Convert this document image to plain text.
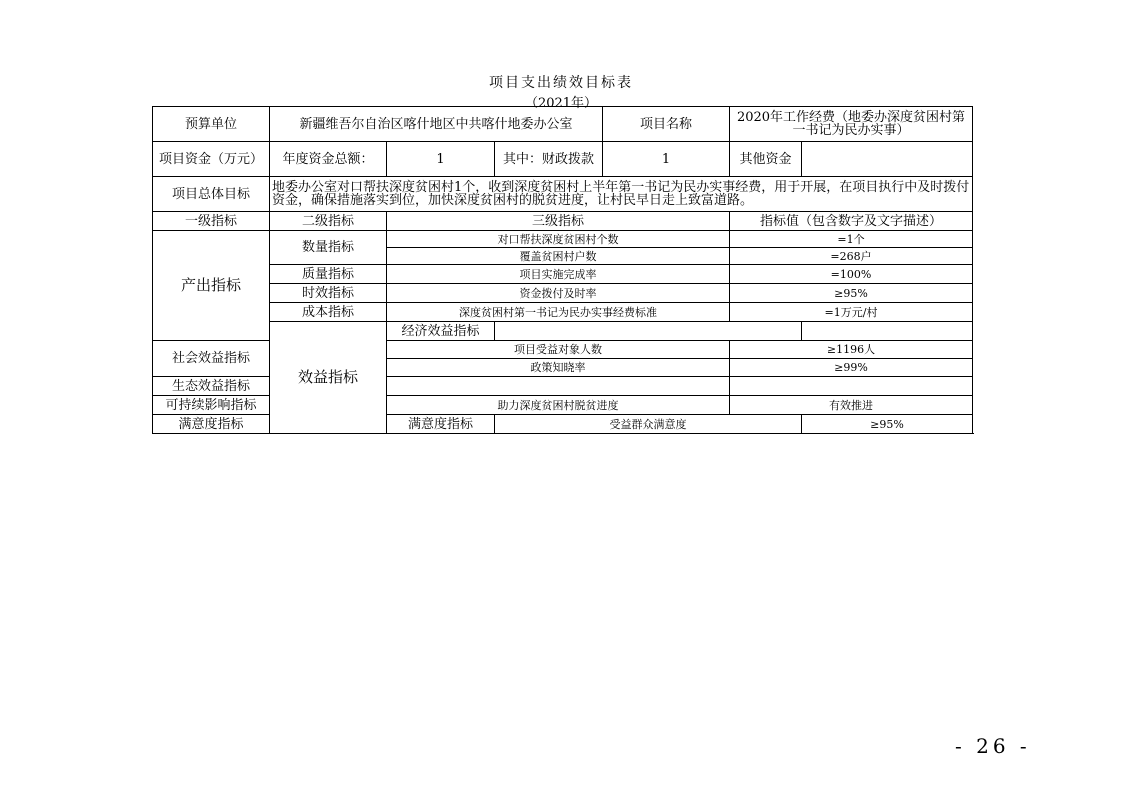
项目支出绩效目标表
（2021年）
预算单位	新疆维吾尔自治区喀什地区中共喀什地委办公室			项目名称	2020年工作经费（地委办深度贫困村第一书记为民办实事）	
项目资金（万元）	年度资金总额：	1	其中：财政拨款	1	其他资金	
项目总体目标	地委办公室对口帮扶深度贫困村1个，收到深度贫困村上半年第一书记为民办实事经费，用于开展，在项目执行中及时拨付资金，确保措施落实到位，加快深度贫困村的脱贫进度，让村民早日走上致富道路。					
一级指标	二级指标	三级指标			指标值（包含数字及文字描述）	
产出指标	数量指标	对口帮扶深度贫困村个数			=1个	
		覆盖贫困村户数			=268户	
	质量指标	项目实施完成率			=100%	
	时效指标	资金拨付及时率			≥95%	
	成本指标	深度贫困村第一书记为民办实事经费标准			=1万元/村	
	效益指标	经济效益指标				
社会效益指标		项目受益对象人数			≥1196人	
		政策知晓率			≥99%	
生态效益指标						
可持续影响指标		助力深度贫困村脱贫进度			有效推进	
满意度指标		满意度指标	受益群众满意度			≥95%
- 26 -
